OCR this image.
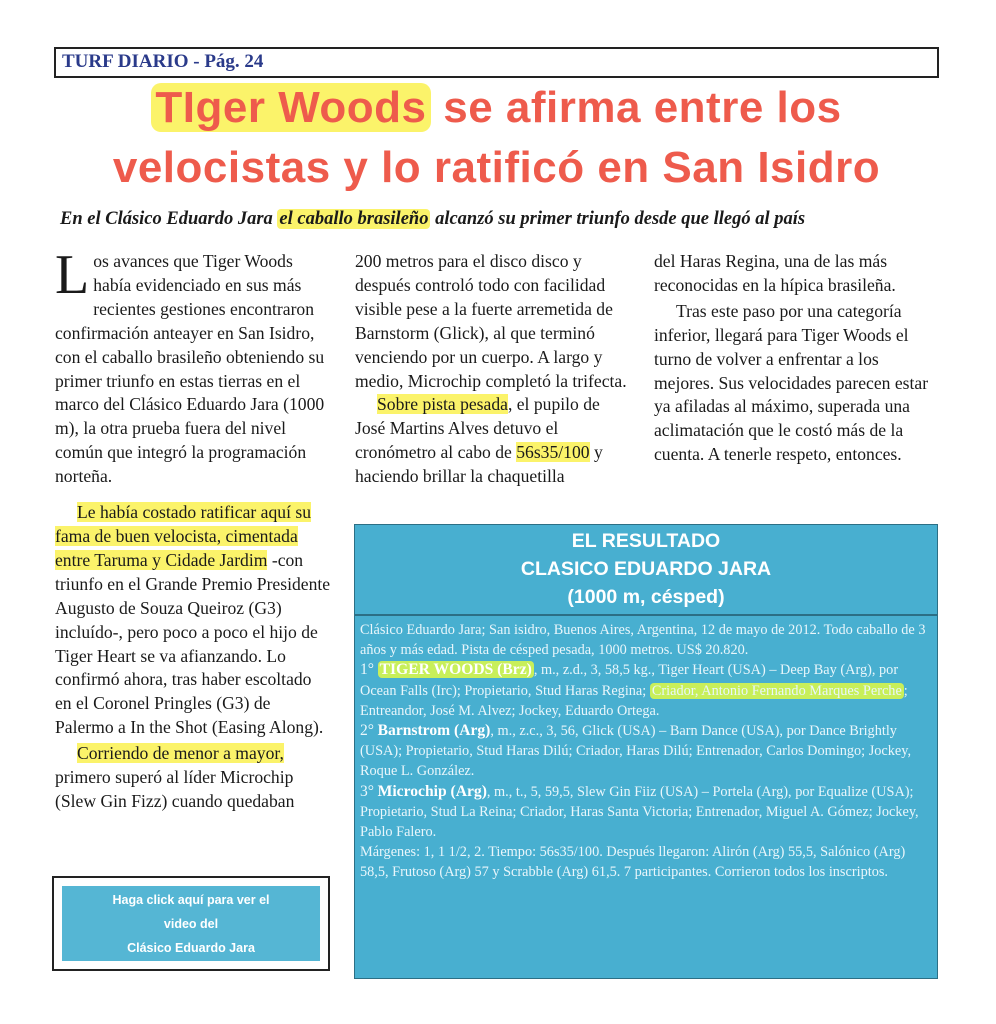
TURF DIARIO - Pág. 24
TIger Woods se afirma entre los
velocistas y lo ratificó en San Isidro
En el Clásico Eduardo Jara el caballo brasileño alcanzó su primer triunfo desde que llegó al país

Los avances que Tiger Woods había evidenciado en sus más recientes gestiones encontraron confirmación anteayer en San Isidro, con el caballo brasileño obteniendo su primer triunfo en estas tierras en el marco del Clásico Eduardo Jara (1000 m), la otra prueba fuera del nivel común que integró la programación norteña.

Le había costado ratificar aquí su fama de buen velocista, cimentada entre Taruma y Cidade Jardim -con triunfo en el Grande Premio Presidente Augusto de Souza Queiroz (G3) incluído-, pero poco a poco el hijo de Tiger Heart se va afianzando. Lo confirmó ahora, tras haber escoltado en el Coronel Pringles (G3) de Palermo a In the Shot (Easing Along).

Corriendo de menor a mayor, primero superó al líder Microchip (Slew Gin Fizz) cuando quedaban

200 metros para el disco disco y después controló todo con facilidad visible pese a la fuerte arremetida de Barnstorm (Glick), al que terminó venciendo por un cuerpo. A largo y medio, Microchip completó la trifecta.

Sobre pista pesada, el pupilo de José Martins Alves detuvo el cronómetro al cabo de 56s35/100 y haciendo brillar la chaquetilla

del Haras Regina, una de las más reconocidas en la hípica brasileña.

Tras este paso por una categoría inferior, llegará para Tiger Woods el turno de volver a enfrentar a los mejores. Sus velocidades parecen estar ya afiladas al máximo, superada una aclimatación que le costó más de la cuenta. A tenerle respeto, entonces.

Haga click aquí para ver el
video del
Clásico Eduardo Jara
EL RESULTADO
CLASICO EDUARDO JARA
(1000 m, césped)

Clásico Eduardo Jara; San isidro, Buenos Aires, Argentina, 12 de mayo de 2012. Todo caballo de 3 años y más edad. Pista de césped pesada, 1000 metros. US$ 20.820.

1° TIGER WOODS (Brz) , m., z.d., 3, 58,5 kg., Tiger Heart (USA) – Deep Bay (Arg), por Ocean Falls (Irc); Propietario, Stud Haras Regina; Criador, Antonio Fernando Marques Perche ; Entreandor, José M. Alvez; Jockey, Eduardo Ortega.

2° Barnstrom (Arg), m., z.c., 3, 56, Glick (USA) – Barn Dance (USA), por Dance Brightly (USA); Propietario, Stud Haras Dilú; Criador, Haras Dilú; Entrenador, Carlos Domingo; Jockey, Roque L. González.

3° Microchip (Arg), m., t., 5, 59,5, Slew Gin Fiiz (USA) – Portela (Arg), por Equalize (USA); Propietario, Stud La Reina; Criador, Haras Santa Victoria; Entrenador, Miguel A. Gómez; Jockey, Pablo Falero.

Márgenes: 1, 1 1/2, 2. Tiempo: 56s35/100. Después llegaron: Alirón (Arg) 55,5, Salónico (Arg) 58,5, Frutoso (Arg) 57 y Scrabble (Arg) 61,5. 7 participantes. Corrieron todos los inscriptos.
